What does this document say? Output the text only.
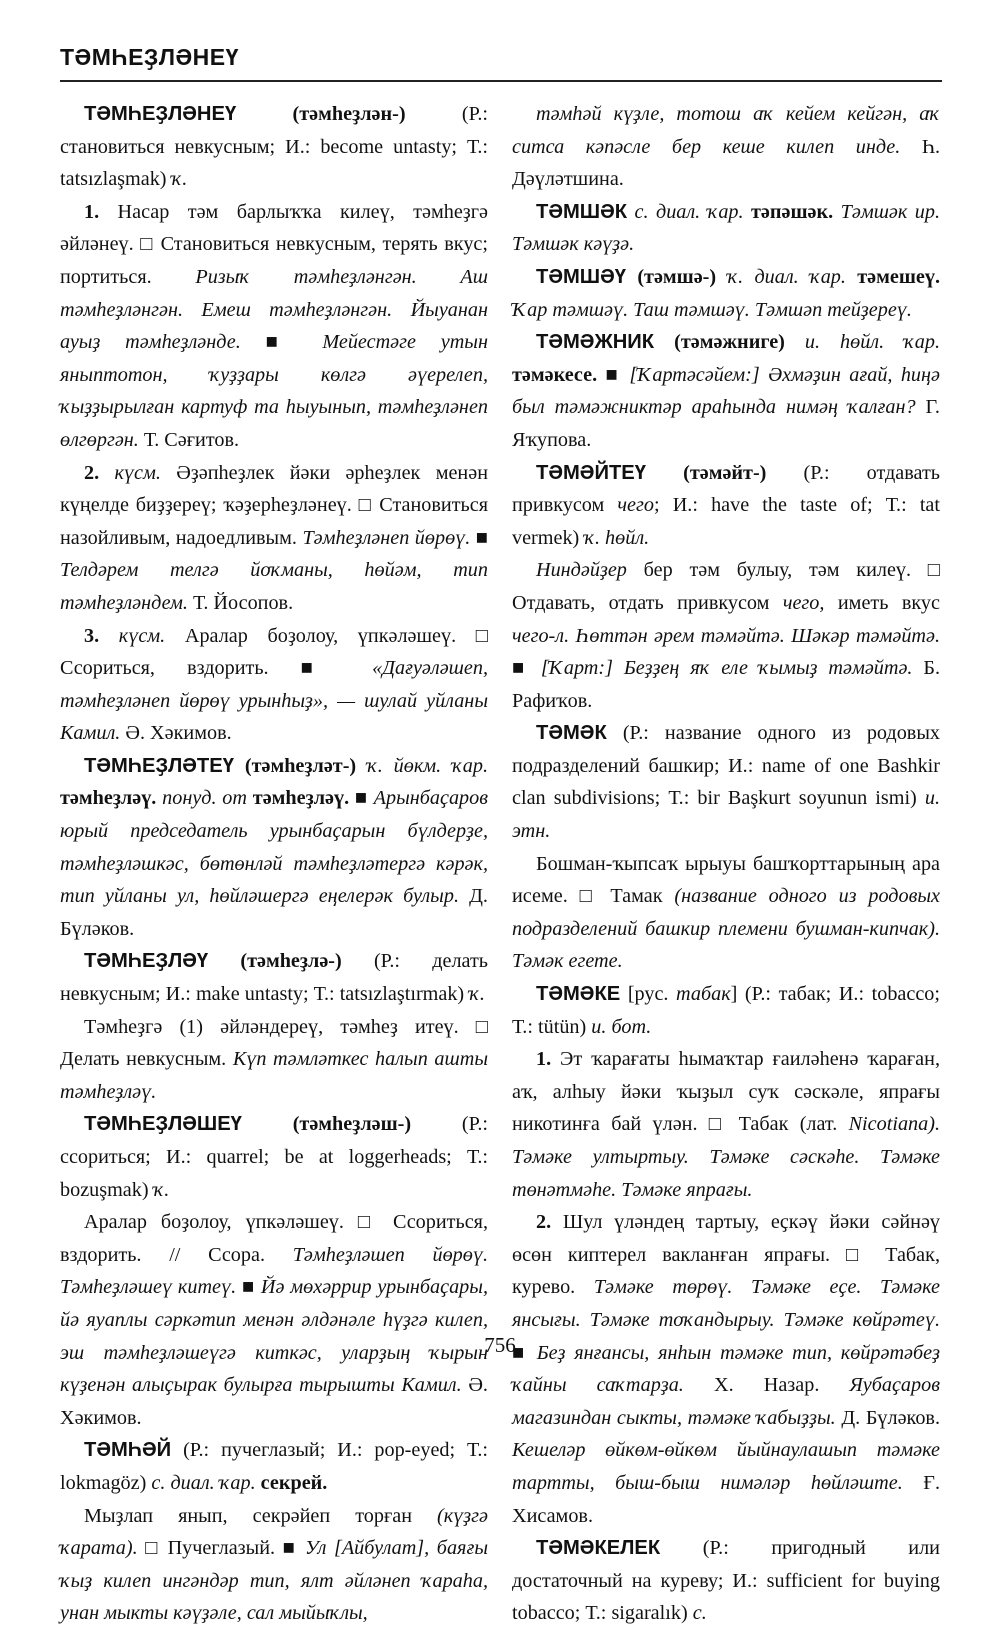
ТӘМҺЕҘЛӘНЕҮ

ТӘМҺЕҘЛӘНЕҮ	(тәмһеҙлән-) (Р.: становиться невкусным; И.: become untasty; Т.: tatsızlaşmak) ҡ.

1. Насар тәм барлыҡҡа килеү, тәмһеҙгә әйләнеү. □ Становиться невкусным, терять вкус; портиться. Ризыҡ тәмһеҙләнгән. Аш тәмһеҙләнгән. Емеш тәмһеҙләнгән. Йыуанан ауыҙ тәмһеҙләнде. ■ Мейестәге утын яныптотон, ҡуҙҙары көлгә әүерелеп, ҡыҙҙырылған картуф та һыуынып, тәмһеҙләнеп өлгөргән. Т. Сәғитов.

2. күсм. Әҙәпһеҙлек йәки әрһеҙлек менән күңелде биҙҙереү; ҡәҙерһеҙләнеү. □ Становиться назойливым, надоедливым. Тәмһеҙләнеп йөрөү. ■ Телдәрем телгә йоҡманы, һөйәм, тип тәмһеҙләндем. Т. Йосопов.

3. күсм. Аралар боҙолоу, үпкәләшеү. □ Ссориться, вздорить. ■ «Дағуәләшеп, тәмһеҙләнеп йөрөү урынһыҙ», — шулай уйланы Камил. Ә. Хәкимов.

ТӘМҺЕҘЛӘТЕҮ (тәмһеҙләт-) ҡ. йөкм. ҡар. тәмһеҙләү. понуд. от тәмһеҙләү. ■ Арынбаҫаров юрый председатель урынбаҫарын бүлдерҙе, тәмһеҙләшкәс, бөтөнләй тәмһеҙләтергә кәрәк, тип уйланы ул, һөйләшергә еңелерәк булыр. Д. Бүләков.

ТӘМҺЕҘЛӘҮ (тәмһеҙлә-) (Р.: делать невкусным; И.: make untasty; Т.: tatsızlaştırmak) ҡ.

Тәмһеҙгә (1) әйләндереү, тәмһеҙ итеү. □ Делать невкусным. Күп тәмләткес һалып ашты тәмһеҙләү.

ТӘМҺЕҘЛӘШЕҮ	(тәмһеҙләш-) (Р.: ссориться; И.: quarrel; be at loggerheads; Т.: bozuşmak) ҡ.

Аралар боҙолоу, үпкәләшеү. □ Ссориться, вздорить. // Ссора. Тәмһеҙләшеп йөрөү. Тәмһеҙләшеү китеү. ■ Йә мөхәррир урынбаҫары, йә яуаплы сәркәтип менән әлдәнәле һүҙгә килеп, эш тәмһеҙләшеүгә киткәс, уларҙың ҡырын күҙенән алыҫырак булырға тырышты Камил. Ә. Хәкимов.

ТӘМҺӘЙ (Р.: пучеглазый; И.: pop-eyed; Т.: lokmagöz) с. диал. ҡар. секрей.

Мыҙлап янып, секрәйеп торған (күҙгә ҡарата). □ Пучеглазый. ■ Ул [Айбулат], баяғы ҡыҙ килеп ингәндәр тип, ялт әйләнеп ҡараһа, унан мыкты кәүҙәле, сал мыйыҡлы,

тәмһәй күҙле, тотош аҡ кейем кейгән, аҡ ситса кәпәсле бер кеше килеп инде. Һ. Дәүләтшина.

ТӘМШӘК с. диал. ҡар. тәпәшәк. Тәмшәк ир. Тәмшәк кәүҙә.

ТӘМШӘҮ (тәмшә-) ҡ. диал. ҡар. тәмешеү. Ҡар тәмшәү. Таш тәмшәү. Тәмшәп тейҙереү.

ТӘМӘЖНИК (тәмәжниге) и. һөйл. ҡар. тәмәкесе. ■ [Ҡартәсәйем:] Әхмәҙин ағай, һиңә был тәмәжниктәр араһында нимәң ҡалған? Г. Яҡупова.

ТӘМӘЙТЕҮ (тәмәйт-) (Р.: отдавать привкусом чего; И.: have the taste of; Т.: tat vermek) ҡ. һөйл.

Ниндәйҙер бер тәм булыу, тәм килеү. □ Отдавать, отдать привкусом чего, иметь вкус чего-л. Һөттән әрем тәмәйтә. Шәкәр тәмәйтә. ■ [Ҡарт:] Беҙҙең яҡ еле ҡымыҙ тәмәйтә. Б. Рафиҡов.

ТӘМӘК (Р.: название одного из родовых подразделений башкир; И.: name of one Bashkir clan subdivisions; Т.: bir Başkurt soyunun ismi) и. этн.

Бошман-ҡыпсаҡ ырыуы башҡорттарының ара исеме. □ Тамак (название одного из родовых подразделений башкир племени бушман-кипчак). Тәмәк егете.

ТӘМӘКЕ [рус. табак] (Р.: табак; И.: tobacco; Т.: tütün) и. бот.

1. Эт ҡарағаты һымаҡтар ғаиләһенә ҡараған, аҡ, алһыу йәки ҡыҙыл суҡ сәскәле, япрағы никотинға бай үлән. □ Табак (лат. Nicotiana). Тәмәке ултыртыу. Тәмәке сәскәһе. Тәмәке төнәтмәһе. Тәмәке япрағы.

2. Шул үләндең тартыу, еҫкәү йәки сәйнәү өсөн киптерел вакланған япрағы. □ Табак, курево. Тәмәке төрөү. Тәмәке еҫе. Тәмәке янсығы. Тәмәке тоҡандырыу. Тәмәке көйрәтеү. ■ Беҙ янғансы, янһын тәмәке тип, көйрәтәбеҙ ҡайны саҡтарҙа. Х. Назар. Яубаҫаров магазиндан сыкты, тәмәке ҡабыҙҙы. Д. Бүләков. Кешеләр өйкөм-өйкөм йыйнаулашып тәмәке тартты, быш-быш нимәләр һөйләште. Ғ. Хисамов.

ТӘМӘКЕЛЕК (Р.: пригодный или достаточный на куреву; И.: sufficient for buying tobacco; Т.: sigaralık) с.

756
